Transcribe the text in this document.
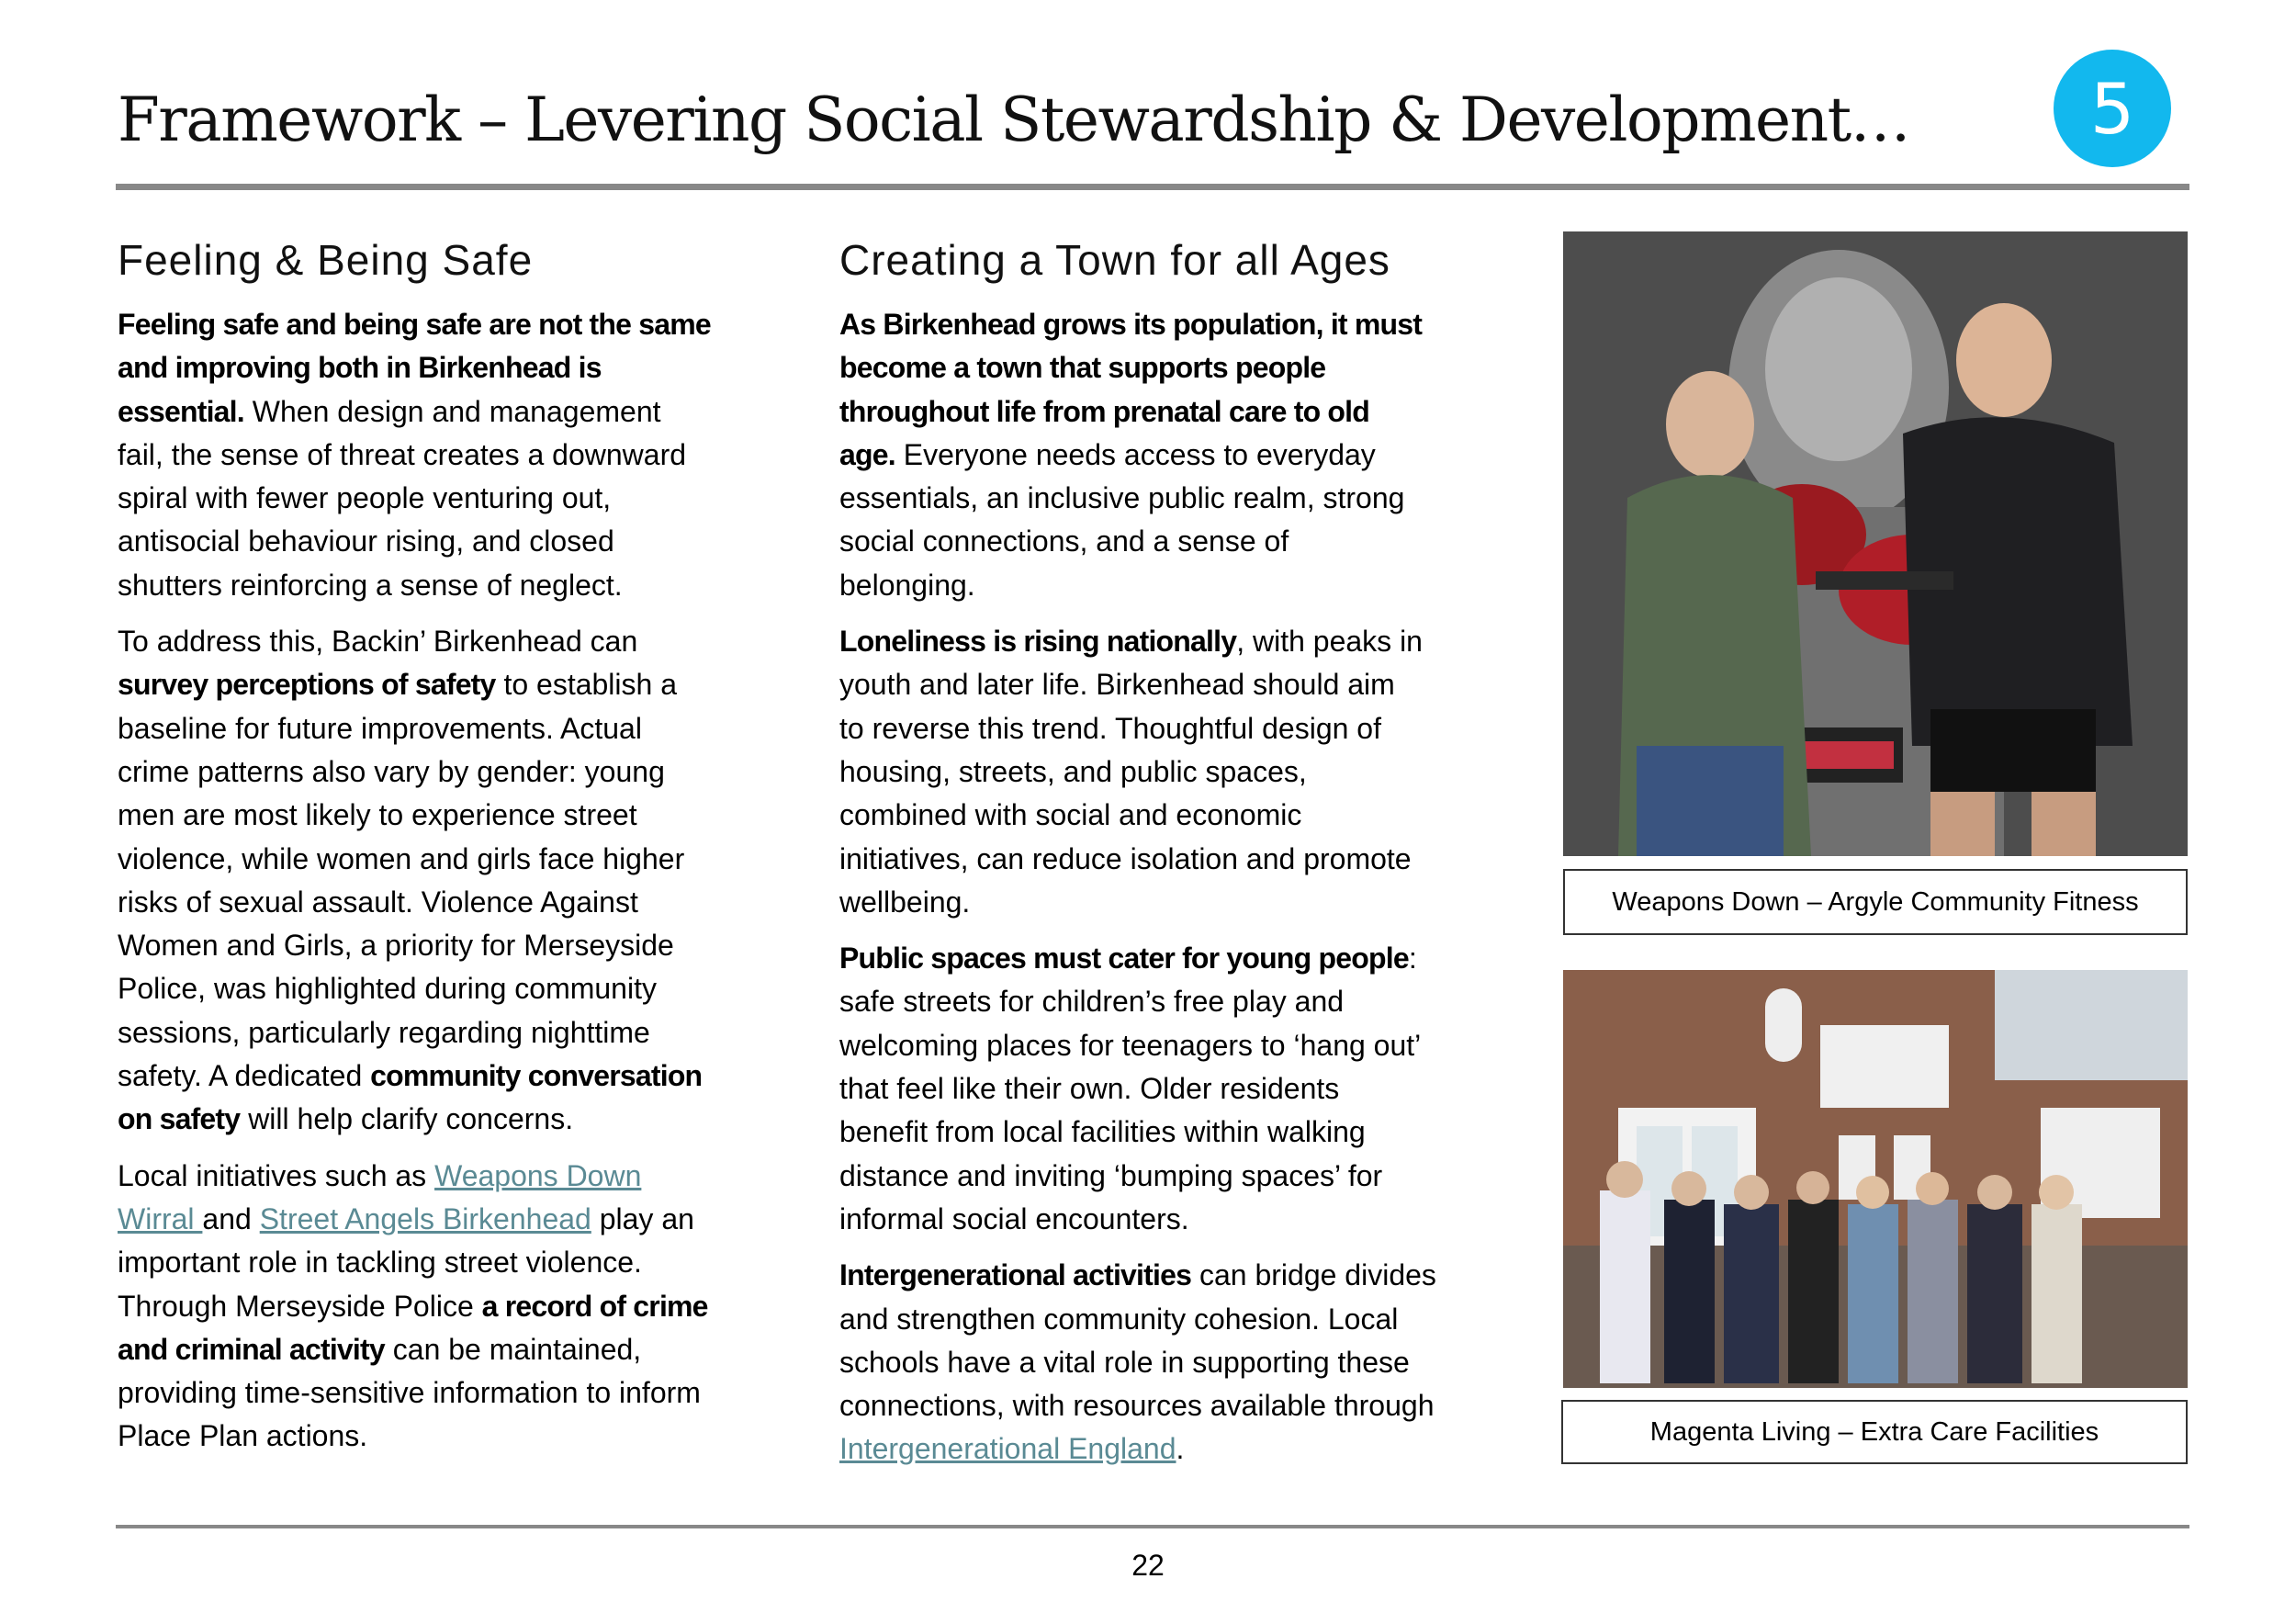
Framework – Levering Social Stewardship & Development…	5
Feeling & Being Safe

Feeling safe and being safe are not the same
and improving both in Birkenhead is
essential. When design and management
fail, the sense of threat creates a downward
spiral with fewer people venturing out,
antisocial behaviour rising, and closed
shutters reinforcing a sense of neglect.

To address this, Backin’ Birkenhead can
survey perceptions of safety to establish a
baseline for future improvements. Actual
crime patterns also vary by gender: young
men are most likely to experience street
violence, while women and girls face higher
risks of sexual assault. Violence Against
Women and Girls, a priority for Merseyside
Police, was highlighted during community
sessions, particularly regarding nighttime
safety. A dedicated community conversation
on safety will help clarify concerns.

Local initiatives such as Weapons Down
Wirral and Street Angels Birkenhead play an
important role in tackling street violence.
Through Merseyside Police a record of crime
and criminal activity can be maintained,
providing time-sensitive information to inform
Place Plan actions.

Creating a Town for all Ages

As Birkenhead grows its population, it must
become a town that supports people
throughout life from prenatal care to old
age. Everyone needs access to everyday
essentials, an inclusive public realm, strong
social connections, and a sense of
belonging.

Loneliness is rising nationally, with peaks in
youth and later life. Birkenhead should aim
to reverse this trend. Thoughtful design of
housing, streets, and public spaces,
combined with social and economic
initiatives, can reduce isolation and promote
wellbeing.

Public spaces must cater for young people:
safe streets for children’s free play and
welcoming places for teenagers to ‘hang out’
that feel like their own. Older residents
benefit from local facilities within walking
distance and inviting ‘bumping spaces’ for
informal social encounters.

Intergenerational activities can bridge divides
and strengthen community cohesion. Local
schools have a vital role in supporting these
connections, with resources available through
Intergenerational England.

Weapons Down – Argyle Community Fitness
Magenta Living – Extra Care Facilities
22
